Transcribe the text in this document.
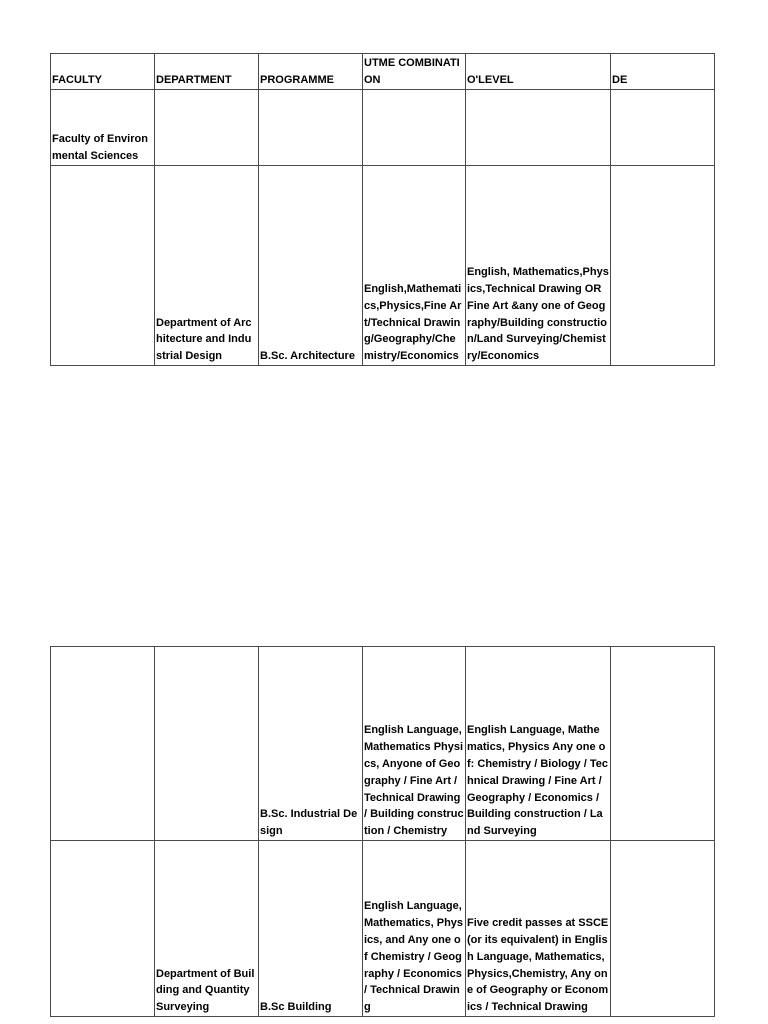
FACULTY	DEPARTMENT	PROGRAMME	UTME COMBINATION	O'LEVEL	DE
Faculty of Environmental Sciences					
	Department of Architecture and Industrial Design	B.Sc. Architecture	English,Mathematics,Physics,Fine Art/Technical Drawing/Geography/Chemistry/Economics	English, Mathematics,Physics,Technical Drawing OR Fine Art &any one of Geography/Building construction/Land Surveying/Chemistry/Economics	
		B.Sc. Industrial Design	English Language, Mathematics Physics, Anyone of Geography / Fine Art / Technical Drawing / Building construction / Chemistry	English Language, Mathematics, Physics Any one of: Chemistry / Biology / Technical Drawing / Fine Art / Geography / Economics / Building construction / Land Surveying	
	Department of Building and Quantity Surveying	B.Sc Building	English Language, Mathematics, Physics, and Any one of Chemistry / Geography / Economics / Technical Drawing	Five credit passes at SSCE (or its equivalent) in English Language, Mathematics, Physics,Chemistry, Any one of Geography or Economics / Technical Drawing	
